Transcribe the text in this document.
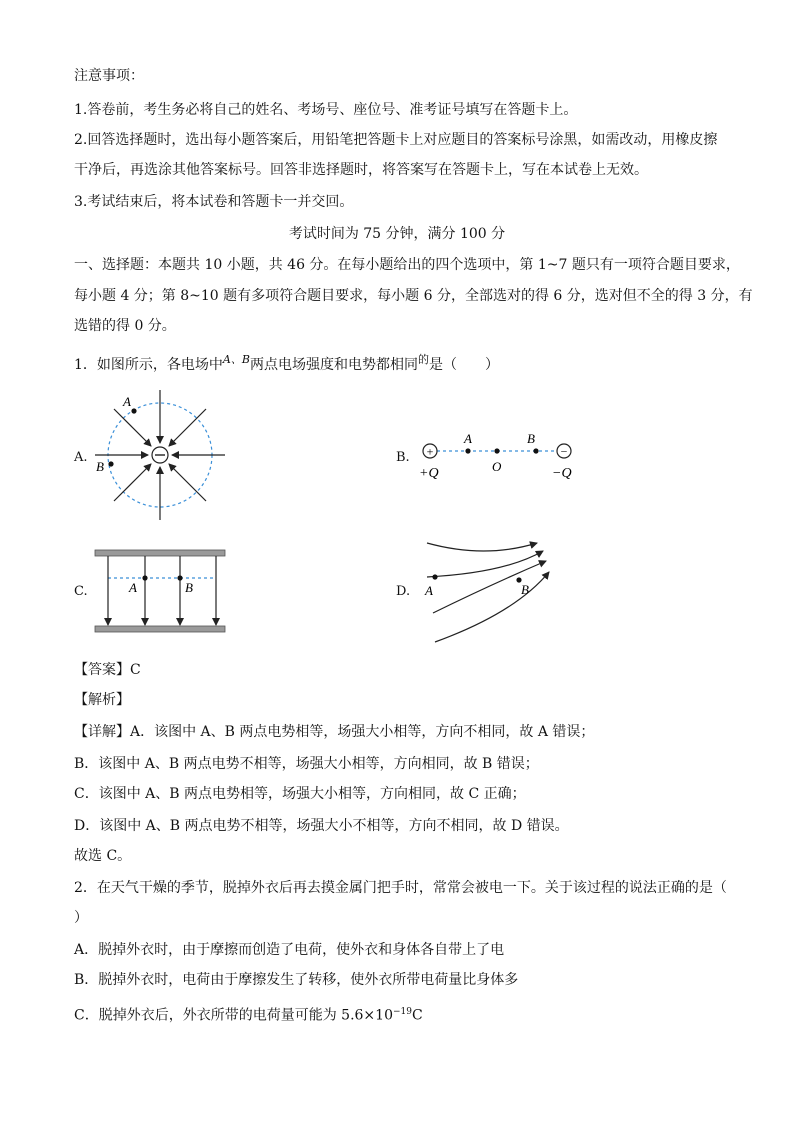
注意事项：
1.答卷前，考生务必将自己的姓名、考场号、座位号、准考证号填写在答题卡上。
2.回答选择题时，选出每小题答案后，用铅笔把答题卡上对应题目的答案标号涂黑，如需改动，用橡皮擦
干净后，再选涂其他答案标号。回答非选择题时，将答案写在答题卡上，写在本试卷上无效。
3.考试结束后，将本试卷和答题卡一并交回。
考试时间为 75 分钟，满分 100 分
一、选择题：本题共 10 小题，共 46 分。在每小题给出的四个选项中，第 1~7 题只有一项符合题目要求，
每小题 4 分；第 8~10 题有多项符合题目要求，每小题 6 分，全部选对的得 6 分，选对但不全的得 3 分，有
选错的得 0 分。
1．如图所示，各电场中$^{A、B}$两点电场强度和电势都相同$^的$是（　　）
A.	B.
C.	D.
A
B
+	−
A
O
B
+Q	−Q
A	B	A	B
【答案】C
【解析】
【详解】A．该图中 A、B 两点电势相等，场强大小相等，方向不相同，故 A 错误；
B．该图中 A、B 两点电势不相等，场强大小相等，方向相同，故 B 错误；
C．该图中 A、B 两点电势相等，场强大小相等，方向相同，故 C 正确；
D．该图中 A、B 两点电势不相等，场强大小不相等，方向不相同，故 D 错误。
故选 C。
2．在天气干燥的季节，脱掉外衣后再去摸金属门把手时，常常会被电一下。关于该过程的说法正确的是（
）
A．脱掉外衣时，由于摩擦而创造了电荷，使外衣和身体各自带上了电
B．脱掉外衣时，电荷由于摩擦发生了转移，使外衣所带电荷量比身体多
C．脱掉外衣后，外衣所带的电荷量可能为 $5.6\times 10^{-19}C$
